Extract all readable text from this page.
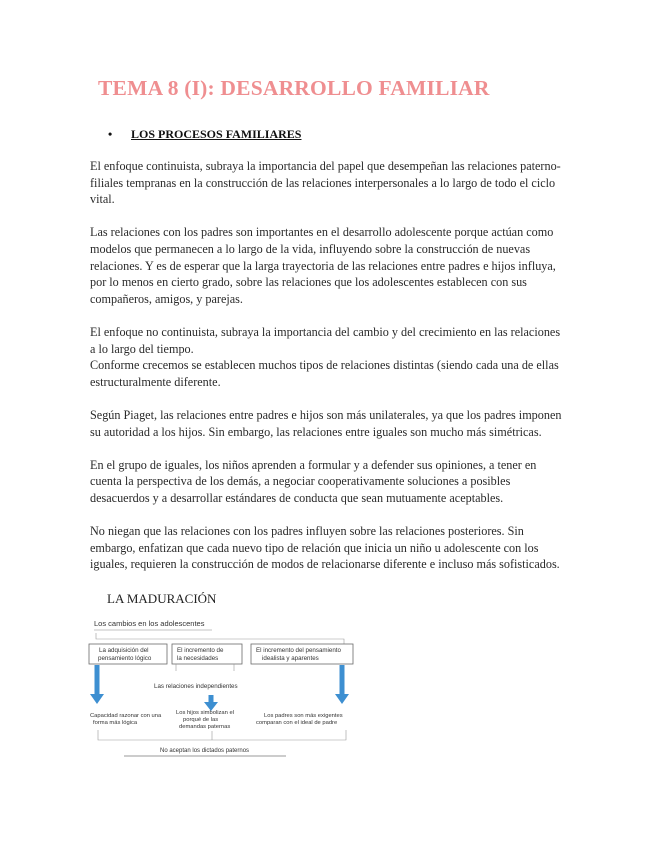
TEMA 8 (I): DESARROLLO FAMILIAR
• LOS PROCESOS FAMILIARES

El enfoque continuista, subraya la importancia del papel que desempeñan las relaciones paterno-filiales tempranas en la construcción de las relaciones interpersonales a lo largo de todo el ciclo vital.

Las relaciones con los padres son importantes en el desarrollo adolescente porque actúan como modelos que permanecen a lo largo de la vida, influyendo sobre la construcción de nuevas relaciones. Y es de esperar que la larga trayectoria de las relaciones entre padres e hijos influya, por lo menos en cierto grado, sobre las relaciones que los adolescentes establecen con sus compañeros, amigos, y parejas.

El enfoque no continuista, subraya la importancia del cambio y del crecimiento en las relaciones a lo largo del tiempo.

Conforme crecemos se establecen muchos tipos de relaciones distintas (siendo cada una de ellas estructuralmente diferente.

Según Piaget, las relaciones entre padres e hijos son más unilaterales, ya que los padres imponen su autoridad a los hijos. Sin embargo, las relaciones entre iguales son mucho más simétricas.

En el grupo de iguales, los niños aprenden a formular y a defender sus opiniones, a tener en cuenta la perspectiva de los demás, a negociar cooperativamente soluciones a posibles desacuerdos y a desarrollar estándares de conducta que sean mutuamente aceptables.

No niegan que las relaciones con los padres influyen sobre las relaciones posteriores. Sin embargo, enfatizan que cada nuevo tipo de relación que inicia un niño u adolescente con los iguales, requieren la construcción de modos de relacionarse diferente e incluso más sofisticados.

LA MADURACIÓN
Los cambios en los adolescentes
La adquisición del
pensamiento lógico
El incremento de
la necesidades
El incremento del pensamiento
idealista y aparentes
Las relaciones independientes
Capacidad razonar con una
forma más lógica
Los hijos simbolizan el
porqué de las
demandas paternas
Los padres son más exigentes
comparan con el ideal de padre
No aceptan los dictados paternos
